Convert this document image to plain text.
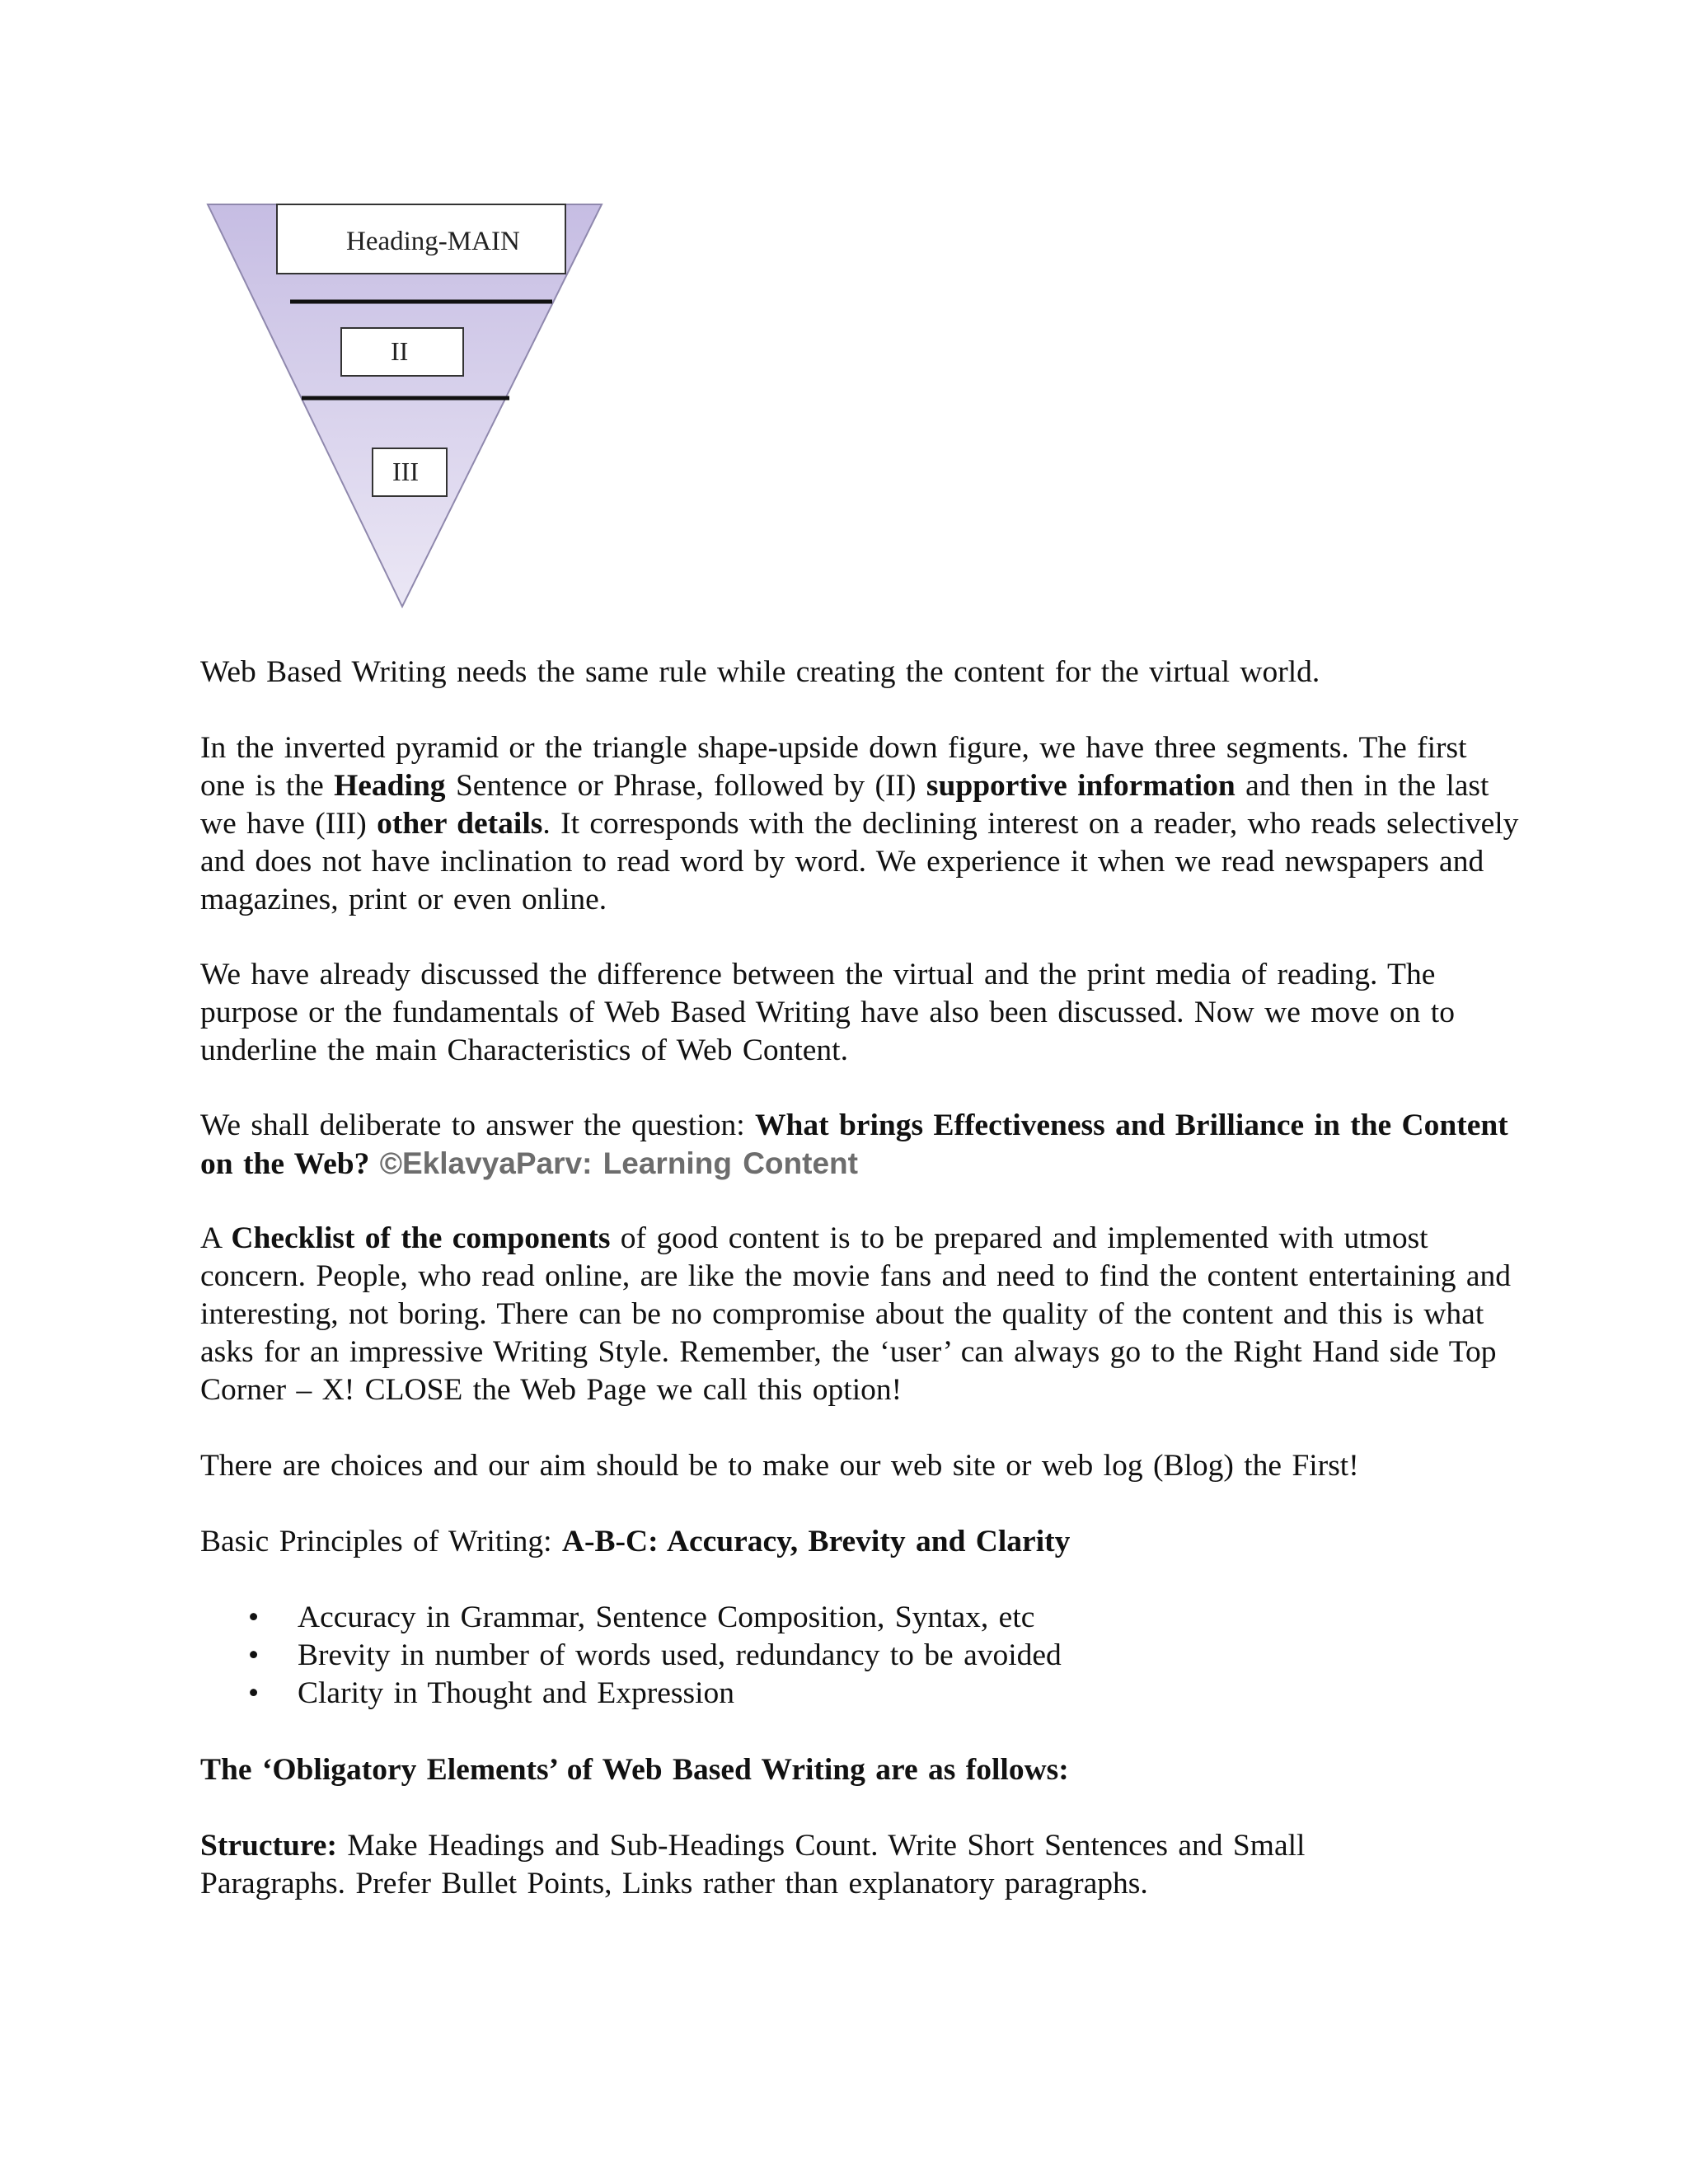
Heading-MAIN
II
III
Web Based Writing needs the same rule while creating the content for the virtual world.
In the inverted pyramid or the triangle shape-upside down figure, we have three segments. The first one is the Heading Sentence or Phrase, followed by (II) supportive information and then in the last we have (III) other details. It corresponds with the declining interest on a reader, who reads selectively and does not have inclination to read word by word. We experience it when we read newspapers and magazines, print or even online.
We have already discussed the difference between the virtual and the print media of reading. The purpose or the fundamentals of Web Based Writing have also been discussed. Now we move on to underline the main Characteristics of Web Content.
We shall deliberate to answer the question: What brings Effectiveness and Brilliance in the Content on the Web? ©EklavyaParv: Learning Content
A Checklist of the components of good content is to be prepared and implemented with utmost concern. People, who read online, are like the movie fans and need to find the content entertaining and interesting, not boring. There can be no compromise about the quality of the content and this is what asks for an impressive Writing Style. Remember, the ‘user’ can always go to the Right Hand side Top Corner – X! CLOSE the Web Page we call this option!
There are choices and our aim should be to make our web site or web log (Blog) the First!
Basic Principles of Writing: A-B-C: Accuracy, Brevity and Clarity
• Accuracy in Grammar, Sentence Composition, Syntax, etc
• Brevity in number of words used, redundancy to be avoided
• Clarity in Thought and Expression
The ‘Obligatory Elements’ of Web Based Writing are as follows:
Structure: Make Headings and Sub-Headings Count. Write Short Sentences and Small Paragraphs. Prefer Bullet Points, Links rather than explanatory paragraphs.
